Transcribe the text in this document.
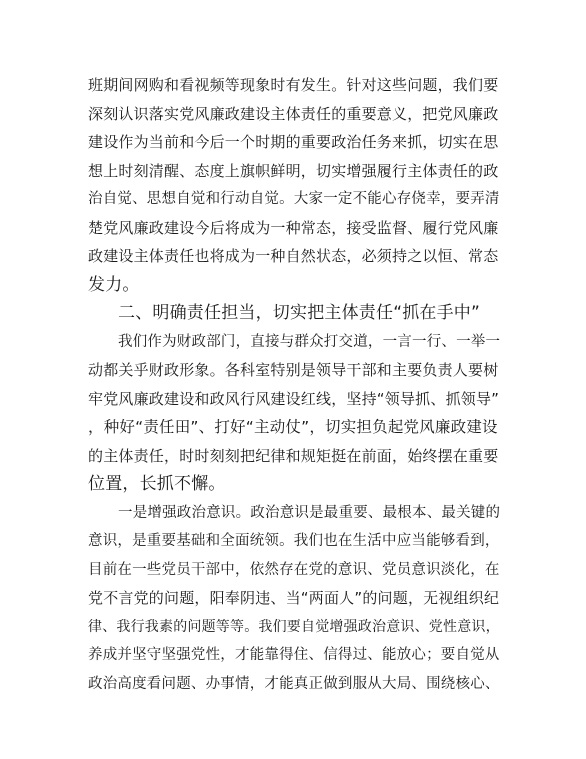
班期间网购和看视频等现象时有发生。针对这些问题，我们要
深刻认识落实党风廉政建设主体责任的重要意义，把党风廉政
建设作为当前和今后一个时期的重要政治任务来抓，切实在思
想上时刻清醒、态度上旗帜鲜明，切实增强履行主体责任的政
治自觉、思想自觉和行动自觉。大家一定不能心存侥幸，要弄清
楚党风廉政建设今后将成为一种常态，接受监督、履行党风廉
政建设主体责任也将成为一种自然状态，必须持之以恒、常态
发力。
二、明确责任担当，切实把主体责任“抓在手中”
我们作为财政部门，直接与群众打交道，一言一行、一举一
动都关乎财政形象。各科室特别是领导干部和主要负责人要树
牢党风廉政建设和政风行风建设红线，坚持“领导抓、抓领导”
，种好“责任田”、打好“主动仗”，切实担负起党风廉政建设
的主体责任，时时刻刻把纪律和规矩挺在前面，始终摆在重要
位置，长抓不懈。
一是增强政治意识。政治意识是最重要、最根本、最关键的
意识，是重要基础和全面统领。我们也在生活中应当能够看到，
目前在一些党员干部中，依然存在党的意识、党员意识淡化，在
党不言党的问题，阳奉阴违、当“两面人”的问题，无视组织纪
律、我行我素的问题等等。我们要自觉增强政治意识、党性意识，
养成并坚守坚强党性，才能靠得住、信得过、能放心；要自觉从
政治高度看问题、办事情，才能真正做到服从大局、围绕核心、
